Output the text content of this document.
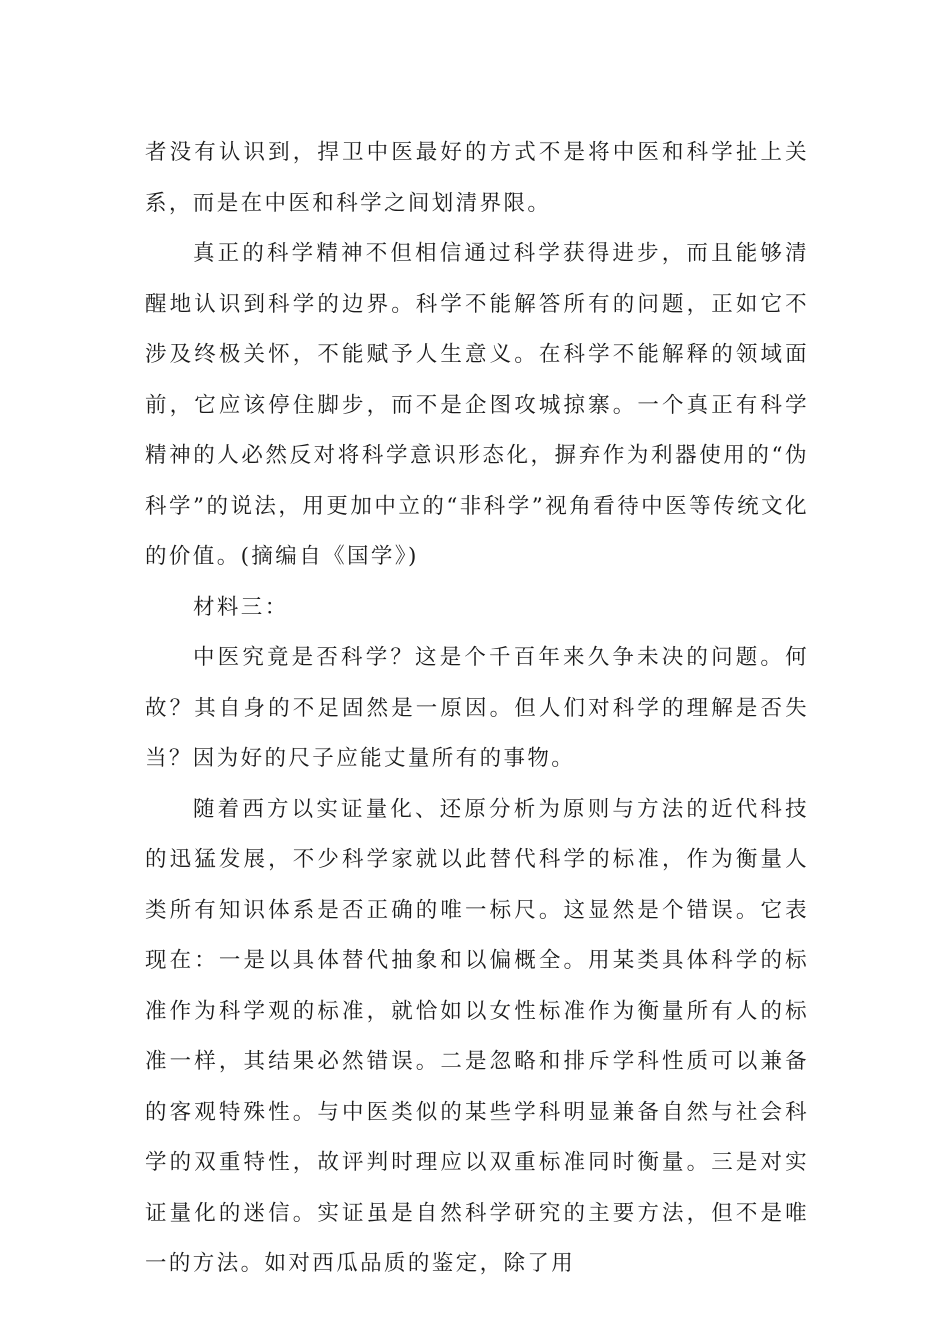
者没有认识到，捍卫中医最好的方式不是将中医和科学扯上关系，而是在中医和科学之间划清界限。

真正的科学精神不但相信通过科学获得进步，而且能够清醒地认识到科学的边界。科学不能解答所有的问题，正如它不涉及终极关怀，不能赋予人生意义。在科学不能解释的领域面前，它应该停住脚步，而不是企图攻城掠寨。一个真正有科学精神的人必然反对将科学意识形态化，摒弃作为利器使用的“伪科学”的说法，用更加中立的“非科学”视角看待中医等传统文化的价值。(摘编自《国学》)

材料三：

中医究竟是否科学？这是个千百年来久争未决的问题。何故？其自身的不足固然是一原因。但人们对科学的理解是否失当？因为好的尺子应能丈量所有的事物。

随着西方以实证量化、还原分析为原则与方法的近代科技的迅猛发展，不少科学家就以此替代科学的标准，作为衡量人类所有知识体系是否正确的唯一标尺。这显然是个错误。它表现在：一是以具体替代抽象和以偏概全。用某类具体科学的标准作为科学观的标准，就恰如以女性标准作为衡量所有人的标准一样，其结果必然错误。二是忽略和排斥学科性质可以兼备的客观特殊性。与中医类似的某些学科明显兼备自然与社会科学的双重特性，故评判时理应以双重标准同时衡量。三是对实证量化的迷信。实证虽是自然科学研究的主要方法，但不是唯一的方法。如对西瓜品质的鉴定，除了用
